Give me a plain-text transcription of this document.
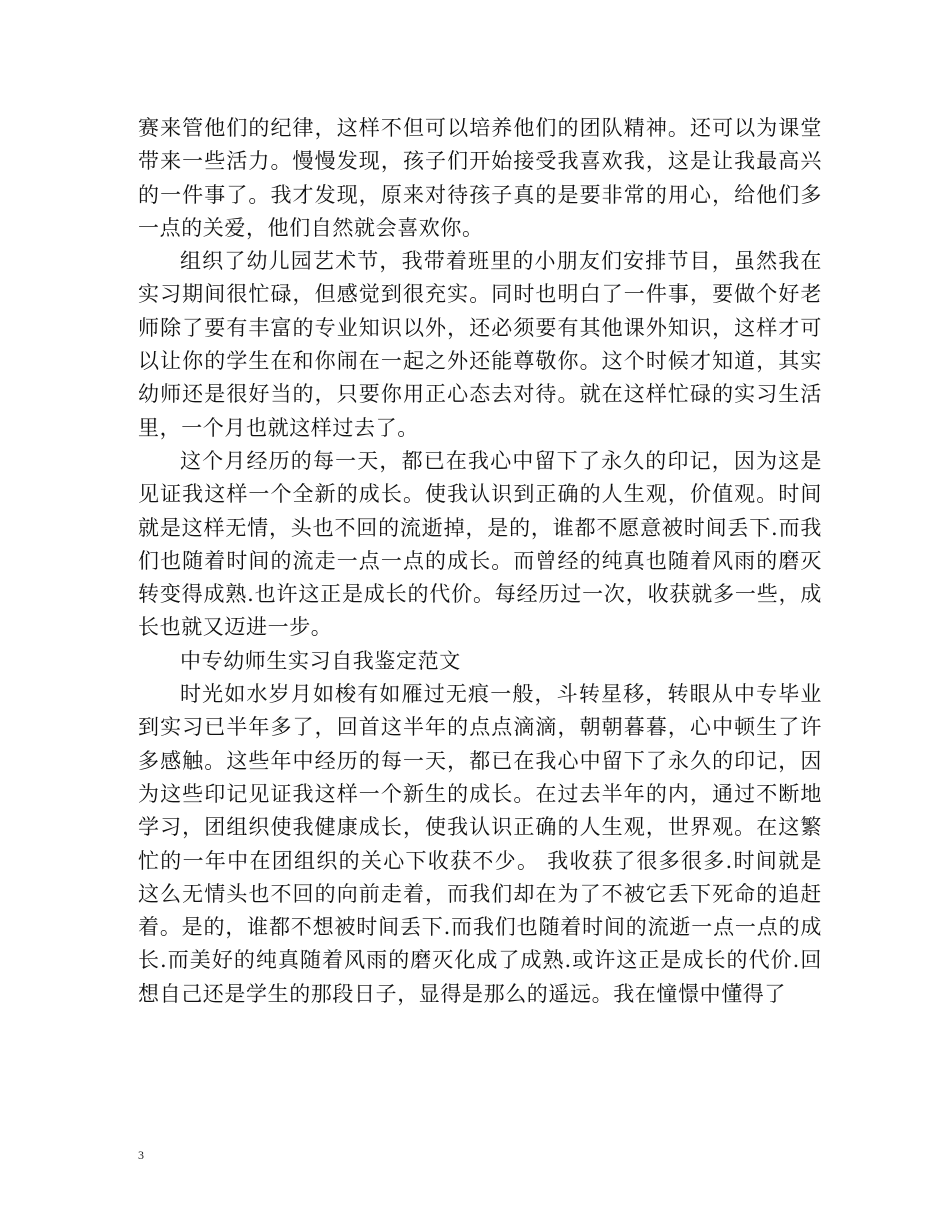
赛来管他们的纪律，这样不但可以培养他们的团队精神。还可以为课堂带来一些活力。慢慢发现，孩子们开始接受我喜欢我，这是让我最高兴的一件事了。我才发现，原来对待孩子真的是要非常的用心，给他们多一点的关爱，他们自然就会喜欢你。

组织了幼儿园艺术节，我带着班里的小朋友们安排节目，虽然我在实习期间很忙碌，但感觉到很充实。同时也明白了一件事，要做个好老师除了要有丰富的专业知识以外，还必须要有其他课外知识，这样才可以让你的学生在和你闹在一起之外还能尊敬你。这个时候才知道，其实幼师还是很好当的，只要你用正心态去对待。就在这样忙碌的实习生活里，一个月也就这样过去了。

这个月经历的每一天，都已在我心中留下了永久的印记，因为这是见证我这样一个全新的成长。使我认识到正确的人生观，价值观。时间就是这样无情，头也不回的流逝掉，是的，谁都不愿意被时间丢下.而我们也随着时间的流走一点一点的成长。而曾经的纯真也随着风雨的磨灭转变得成熟.也许这正是成长的代价。每经历过一次，收获就多一些，成长也就又迈进一步。

中专幼师生实习自我鉴定范文

时光如水岁月如梭有如雁过无痕一般，斗转星移，转眼从中专毕业到实习已半年多了，回首这半年的点点滴滴，朝朝暮暮，心中顿生了许多感触。这些年中经历的每一天，都已在我心中留下了永久的印记，因为这些印记见证我这样一个新生的成长。在过去半年的内，通过不断地学习，团组织使我健康成长，使我认识正确的人生观，世界观。在这繁忙的一年中在团组织的关心下收获不少。 我收获了很多很多.时间就是这么无情头也不回的向前走着，而我们却在为了不被它丢下死命的追赶着。是的，谁都不想被时间丢下.而我们也随着时间的流逝一点一点的成长.而美好的纯真随着风雨的磨灭化成了成熟.或许这正是成长的代价.回想自己还是学生的那段日子，显得是那么的遥远。我在憧憬中懂得了

3
